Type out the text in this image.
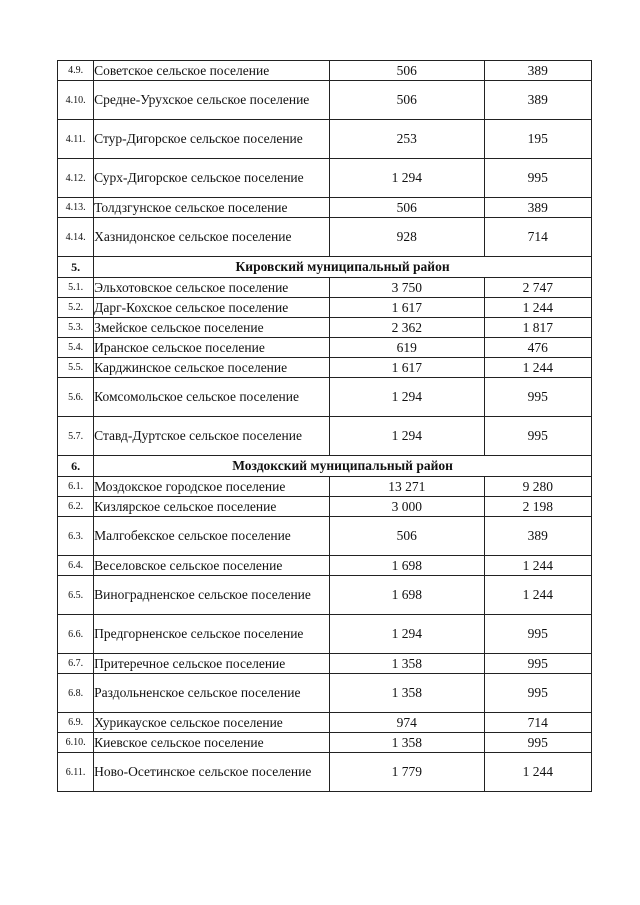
4.9.	Советское сельское поселение	506	389
4.10.	Средне-Урухское сельское поселение	506	389
4.11.	Стур-Дигорское сельское поселение	253	195
4.12.	Сурх-Дигорское сельское поселение	1 294	995
4.13.	Толдзгунское сельское поселение	506	389
4.14.	Хазнидонское сельское поселение	928	714
5.	Кировский муниципальный район		
5.1.	Эльхотовское сельское поселение	3 750	2 747
5.2.	Дарг-Кохское сельское поселение	1 617	1 244
5.3.	Змейское сельское поселение	2 362	1 817
5.4.	Иранское сельское поселение	619	476
5.5.	Карджинское сельское поселение	1 617	1 244
5.6.	Комсомольское сельское поселение	1 294	995
5.7.	Ставд-Дуртское сельское поселение	1 294	995
6.	Моздокский муниципальный район		
6.1.	Моздокское городское поселение	13 271	9 280
6.2.	Кизлярское сельское поселение	3 000	2 198
6.3.	Малгобекское сельское поселение	506	389
6.4.	Веселовское сельское поселение	1 698	1 244
6.5.	Виноградненское сельское поселение	1 698	1 244
6.6.	Предгорненское сельское поселение	1 294	995
6.7.	Притеречное сельское поселение	1 358	995
6.8.	Раздольненское сельское поселение	1 358	995
6.9.	Хурикауское сельское поселение	974	714
6.10.	Киевское сельское поселение	1 358	995
6.11.	Ново-Осетинское сельское поселение	1 779	1 244
